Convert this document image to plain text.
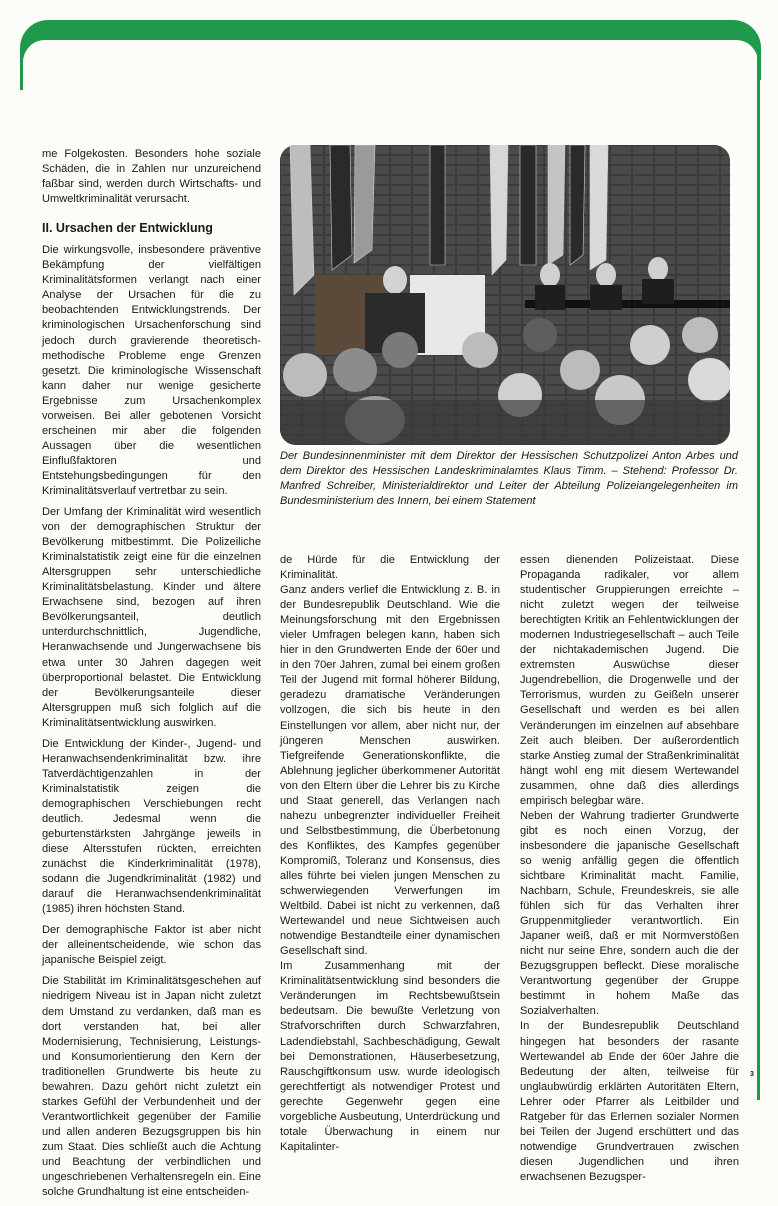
me Folgekosten. Besonders hohe soziale Schäden, die in Zahlen nur unzureichend faßbar sind, werden durch Wirtschafts- und Umweltkriminalität verursacht.

II. Ursachen der Entwicklung

Die wirkungsvolle, insbesondere präventive Bekämpfung der vielfältigen Kriminalitätsformen verlangt nach einer Analyse der Ursachen für die zu beobachtenden Entwicklungstrends. Der kriminologischen Ursachenforschung sind jedoch durch gravierende theoretisch-methodische Probleme enge Grenzen gesetzt. Die kriminologische Wissenschaft kann daher nur wenige gesicherte Ergebnisse zum Ursachenkomplex vorweisen. Bei aller gebotenen Vorsicht erscheinen mir aber die folgenden Aussagen über die wesentlichen Einflußfaktoren und Entstehungsbedingungen für den Kriminalitätsverlauf vertretbar zu sein.

Der Umfang der Kriminalität wird wesentlich von der demographischen Struktur der Bevölkerung mitbestimmt. Die Polizeiliche Kriminalstatistik zeigt eine für die einzelnen Altersgruppen sehr unterschiedliche Kriminalitätsbelastung. Kinder und ältere Erwachsene sind, bezogen auf ihren Bevölkerungsanteil, deutlich unterdurchschnittlich, Jugendliche, Heranwachsende und Jungerwachsene bis etwa unter 30 Jahren dagegen weit überproportional belastet. Die Entwicklung der Bevölkerungsanteile dieser Altersgruppen muß sich folglich auf die Kriminalitätsentwicklung auswirken.

Die Entwicklung der Kinder-, Jugend- und Heranwachsendenkriminalität bzw. ihre Tatverdächtigenzahlen in der Kriminalstatistik zeigen die demographischen Verschiebungen recht deutlich. Jedesmal wenn die geburtenstärksten Jahrgänge jeweils in diese Altersstufen rückten, erreichten zunächst die Kinderkriminalität (1978), sodann die Jugendkriminalität (1982) und darauf die Heranwachsendenkriminalität (1985) ihren höchsten Stand.

Der demographische Faktor ist aber nicht der alleinentscheidende, wie schon das japanische Beispiel zeigt.

Die Stabilität im Kriminalitätsgeschehen auf niedrigem Niveau ist in Japan nicht zuletzt dem Umstand zu verdanken, daß man es dort verstanden hat, bei aller Modernisierung, Technisierung, Leistungs- und Konsumorientierung den Kern der traditionellen Grundwerte bis heute zu bewahren. Dazu gehört nicht zuletzt ein starkes Gefühl der Verbundenheit und der Verantwortlichkeit gegenüber der Familie und allen anderen Bezugsgruppen bis hin zum Staat. Dies schließt auch die Achtung und Beachtung der verbindlichen und ungeschriebenen Verhaltensregeln ein. Eine solche Grundhaltung ist eine entscheiden-

Der Bundesinnenminister mit dem Direktor der Hessischen Schutzpolizei Anton Arbes und dem Direktor des Hessischen Landeskriminalamtes Klaus Timm. – Stehend: Professor Dr. Manfred Schreiber, Ministerialdirektor und Leiter der Abteilung Polizeiangelegenheiten im Bundesministerium des Innern, bei einem Statement

de Hürde für die Entwicklung der Kriminalität.

Ganz anders verlief die Entwicklung z. B. in der Bundesrepublik Deutschland. Wie die Meinungsforschung mit den Ergebnissen vieler Umfragen belegen kann, haben sich hier in den Grundwerten Ende der 60er und in den 70er Jahren, zumal bei einem großen Teil der Jugend mit formal höherer Bildung, geradezu dramatische Veränderungen vollzogen, die sich bis heute in den Einstellungen vor allem, aber nicht nur, der jüngeren Menschen auswirken. Tiefgreifende Generationskonflikte, die Ablehnung jeglicher überkommener Autorität von den Eltern über die Lehrer bis zu Kirche und Staat generell, das Verlangen nach nahezu unbegrenzter individueller Freiheit und Selbstbestimmung, die Überbetonung des Konfliktes, des Kampfes gegenüber Kompromiß, Toleranz und Konsensus, dies alles führte bei vielen jungen Menschen zu schwerwiegenden Verwerfungen im Weltbild. Dabei ist nicht zu verkennen, daß Wertewandel und neue Sichtweisen auch notwendige Bestandteile einer dynamischen Gesellschaft sind.

Im Zusammenhang mit der Kriminalitätsentwicklung sind besonders die Veränderungen im Rechtsbewußtsein bedeutsam. Die bewußte Verletzung von Strafvorschriften durch Schwarzfahren, Ladendiebstahl, Sachbeschädigung, Gewalt bei Demonstrationen, Häuserbesetzung, Rauschgiftkonsum usw. wurde ideologisch gerechtfertigt als notwendiger Protest und gerechte Gegenwehr gegen eine vorgebliche Ausbeutung, Unterdrückung und totale Überwachung in einem nur Kapitalinter-

essen dienenden Polizeistaat. Diese Propaganda radikaler, vor allem studentischer Gruppierungen erreichte – nicht zuletzt wegen der teilweise berechtigten Kritik an Fehlentwicklungen der modernen Industriegesellschaft – auch Teile der nichtakademischen Jugend. Die extremsten Auswüchse dieser Jugendrebellion, die Drogenwelle und der Terrorismus, wurden zu Geißeln unserer Gesellschaft und werden es bei allen Veränderungen im einzelnen auf absehbare Zeit auch bleiben. Der außerordentlich starke Anstieg zumal der Straßenkriminalität hängt wohl eng mit diesem Wertewandel zusammen, ohne daß dies allerdings empirisch belegbar wäre.

Neben der Wahrung tradierter Grundwerte gibt es noch einen Vorzug, der insbesondere die japanische Gesellschaft so wenig anfällig gegen die öffentlich sichtbare Kriminalität macht. Familie, Nachbarn, Schule, Freundeskreis, sie alle fühlen sich für das Verhalten ihrer Gruppenmitglieder verantwortlich. Ein Japaner weiß, daß er mit Normverstößen nicht nur seine Ehre, sondern auch die der Bezugsgruppen befleckt. Diese moralische Verantwortung gegenüber der Gruppe bestimmt in hohem Maße das Sozialverhalten.

In der Bundesrepublik Deutschland hingegen hat besonders der rasante Wertewandel ab Ende der 60er Jahre die Bedeutung der alten, teilweise für unglaubwürdig erklärten Autoritäten Eltern, Lehrer oder Pfarrer als Leitbilder und Ratgeber für das Erlernen sozialer Normen bei Teilen der Jugend erschüttert und das notwendige Grundvertrauen zwischen diesen Jugendlichen und ihren erwachsenen Bezugsper-

3
